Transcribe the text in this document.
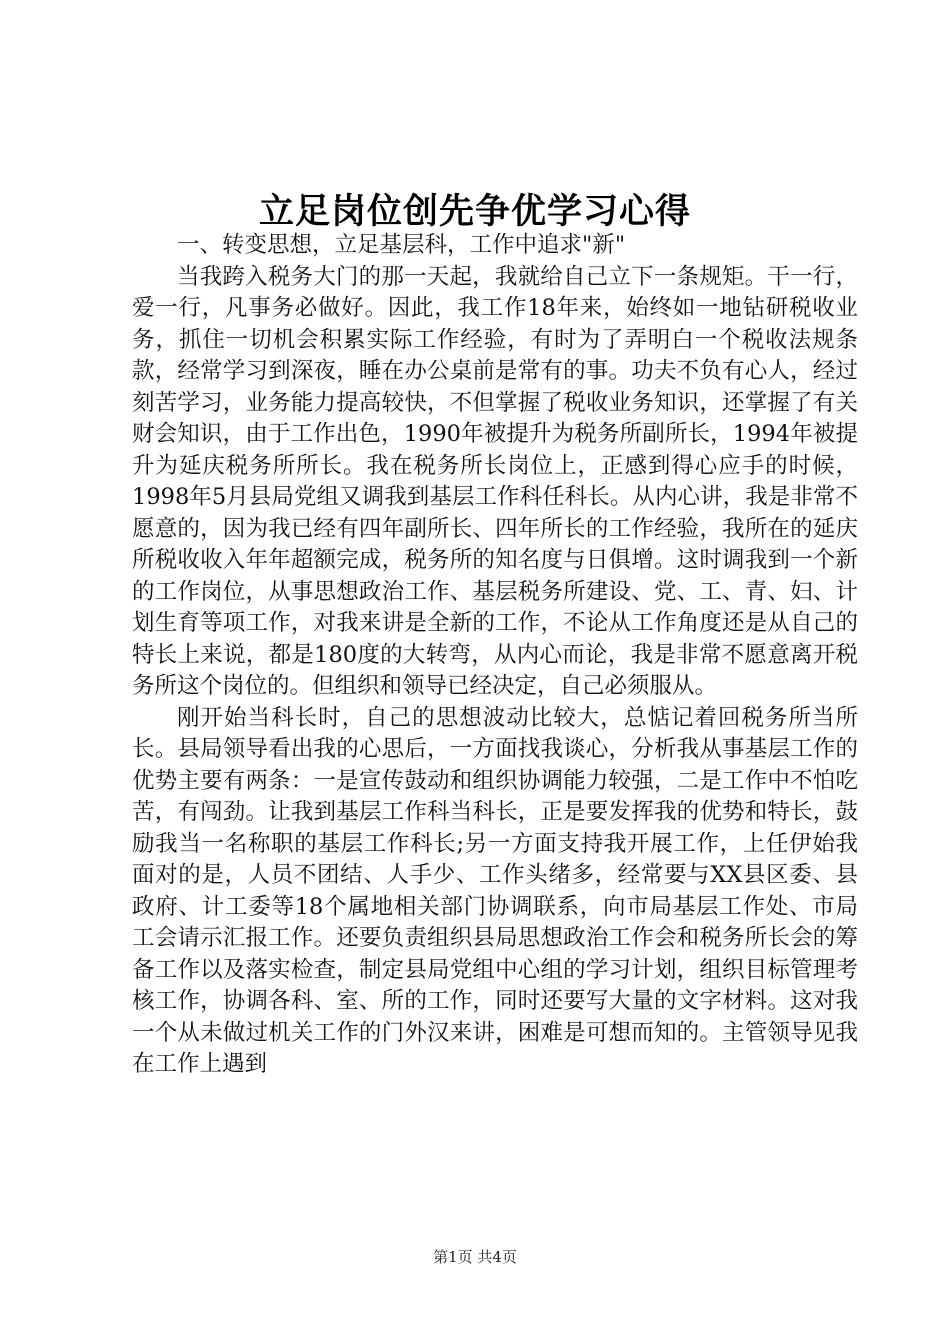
立足岗位创先争优学习心得

一、转变思想，立足基层科，工作中追求"新"

当我跨入税务大门的那一天起，我就给自己立下一条规矩。干一行，爱一行，凡事务必做好。因此，我工作18年来，始终如一地钻研税收业务，抓住一切机会积累实际工作经验，有时为了弄明白一个税收法规条款，经常学习到深夜，睡在办公桌前是常有的事。功夫不负有心人，经过刻苦学习，业务能力提高较快，不但掌握了税收业务知识，还掌握了有关财会知识，由于工作出色，1990年被提升为税务所副所长，1994年被提升为延庆税务所所长。我在税务所长岗位上，正感到得心应手的时候，1998年5月县局党组又调我到基层工作科任科长。从内心讲，我是非常不愿意的，因为我已经有四年副所长、四年所长的工作经验，我所在的延庆所税收收入年年超额完成，税务所的知名度与日俱增。这时调我到一个新的工作岗位，从事思想政治工作、基层税务所建设、党、工、青、妇、计划生育等项工作，对我来讲是全新的工作，不论从工作角度还是从自己的特长上来说，都是180度的大转弯，从内心而论，我是非常不愿意离开税务所这个岗位的。但组织和领导已经决定，自己必须服从。

刚开始当科长时，自己的思想波动比较大，总惦记着回税务所当所长。县局领导看出我的心思后，一方面找我谈心，分析我从事基层工作的优势主要有两条：一是宣传鼓动和组织协调能力较强，二是工作中不怕吃苦，有闯劲。让我到基层工作科当科长，正是要发挥我的优势和特长，鼓励我当一名称职的基层工作科长;另一方面支持我开展工作，上任伊始我面对的是，人员不团结、人手少、工作头绪多，经常要与XX县区委、县政府、计工委等18个属地相关部门协调联系，向市局基层工作处、市局工会请示汇报工作。还要负责组织县局思想政治工作会和税务所长会的筹备工作以及落实检查，制定县局党组中心组的学习计划，组织目标管理考核工作，协调各科、室、所的工作，同时还要写大量的文字材料。这对我一个从未做过机关工作的门外汉来讲，困难是可想而知的。主管领导见我在工作上遇到

第1页 共4页
